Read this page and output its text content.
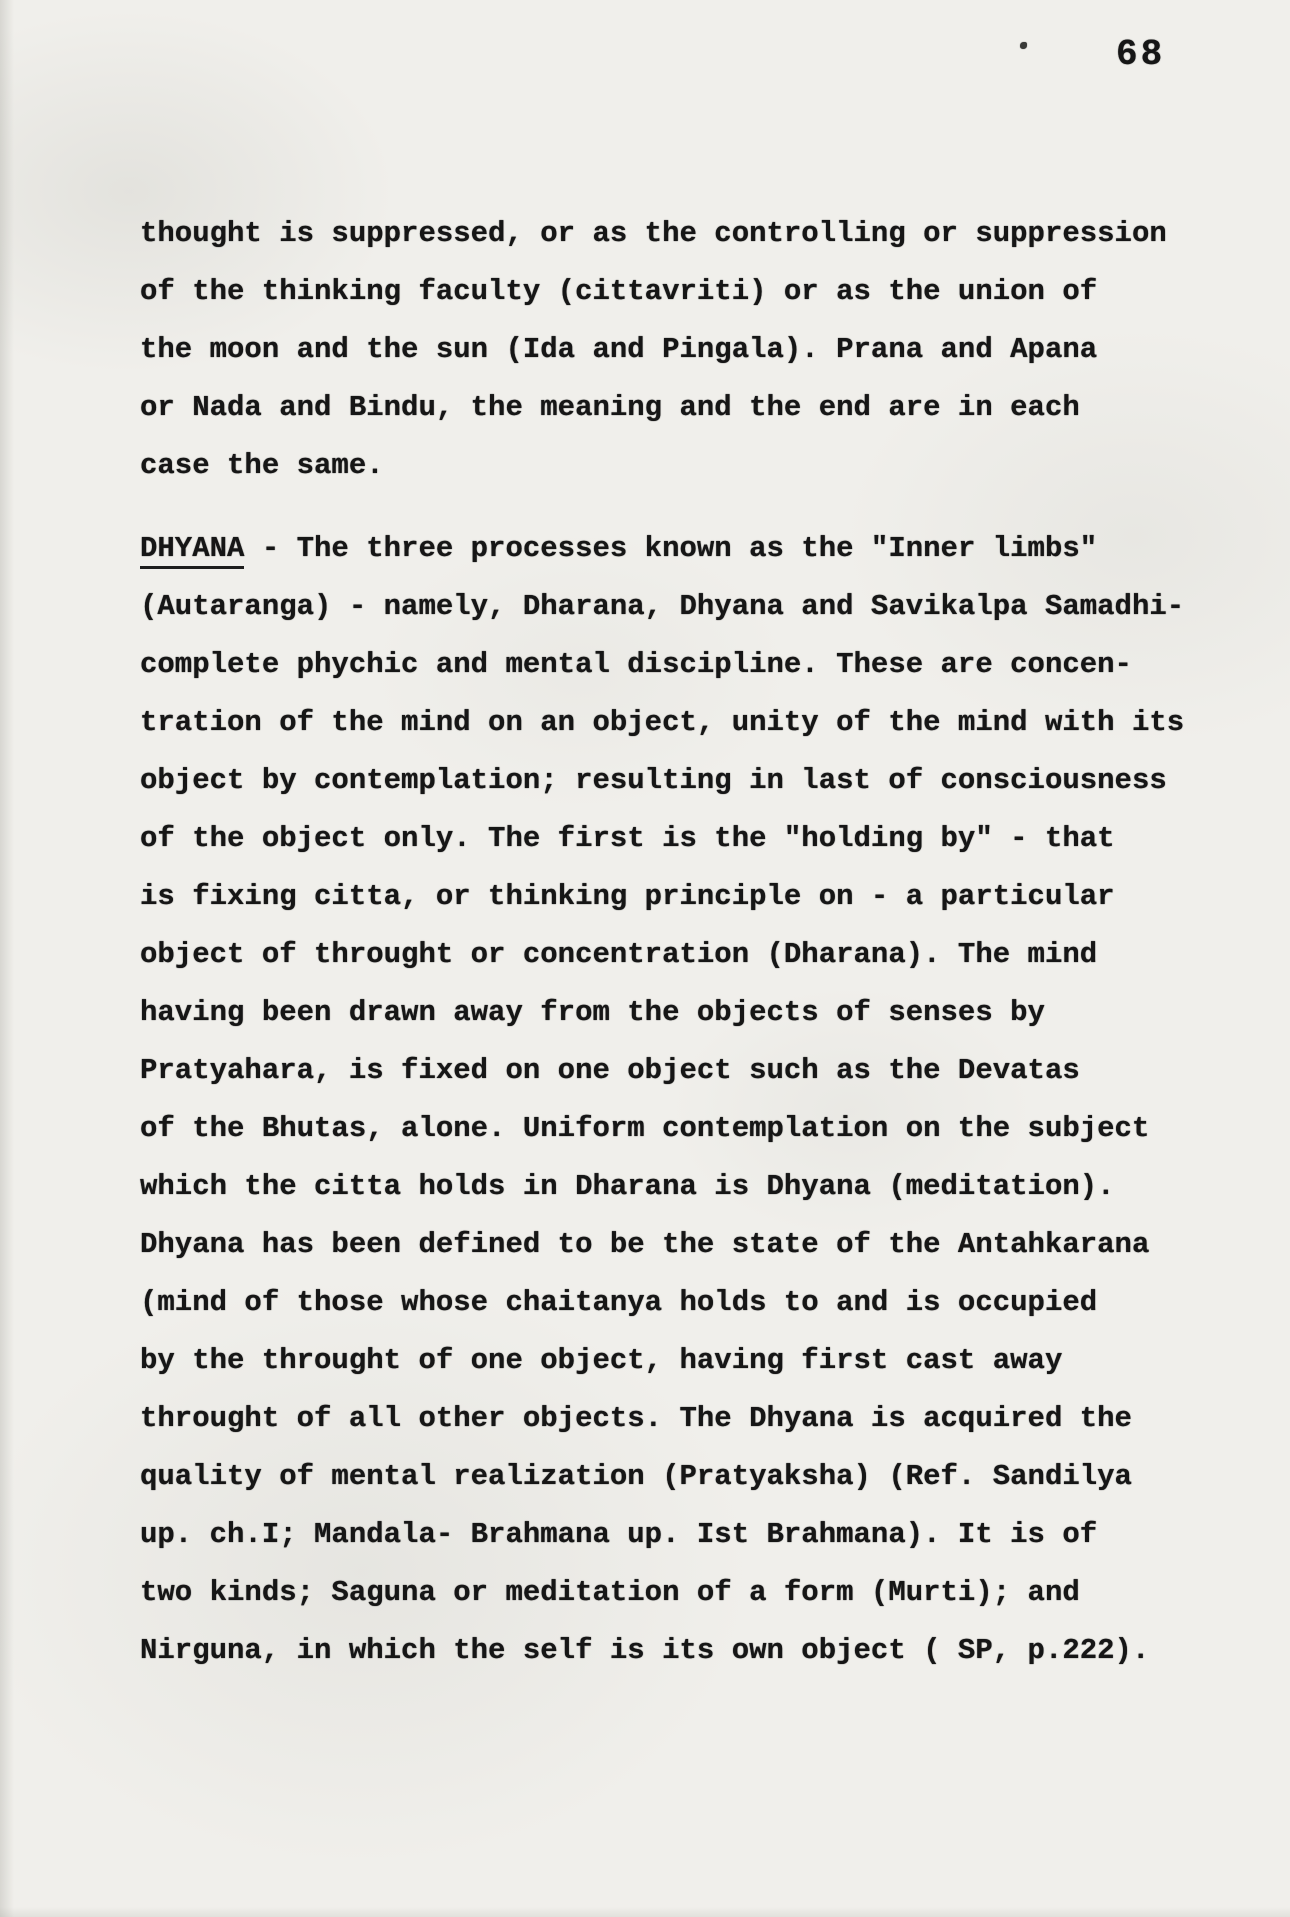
68
thought is suppressed, or as the controlling or suppression
of the thinking faculty (cittavriti) or as the union of
the moon and the sun (Ida and Pingala). Prana and Apana
or Nada and Bindu, the meaning and the end are in each
case the same.
DHYANA - The three processes known as the "Inner limbs"
(Autaranga) - namely, Dharana, Dhyana and Savikalpa Samadhi-
complete phychic and mental discipline. These are concen-
tration of the mind on an object, unity of the mind with its
object by contemplation; resulting in last of consciousness
of the object only. The first is the "holding by" - that
is fixing citta, or thinking principle on - a particular
object of throught or concentration (Dharana). The mind
having been drawn away from the objects of senses by
Pratyahara, is fixed on one object such as the Devatas
of the Bhutas, alone. Uniform contemplation on the subject
which the citta holds in Dharana is Dhyana (meditation).
Dhyana has been defined to be the state of the Antahkarana
(mind of those whose chaitanya holds to and is occupied
by the throught of one object, having first cast away
throught of all other objects. The Dhyana is acquired the
quality of mental realization (Pratyaksha) (Ref. Sandilya
up. ch.I; Mandala- Brahmana up. Ist Brahmana). It is of
two kinds; Saguna or meditation of a form (Murti); and
Nirguna, in which the self is its own object ( SP, p.222).
